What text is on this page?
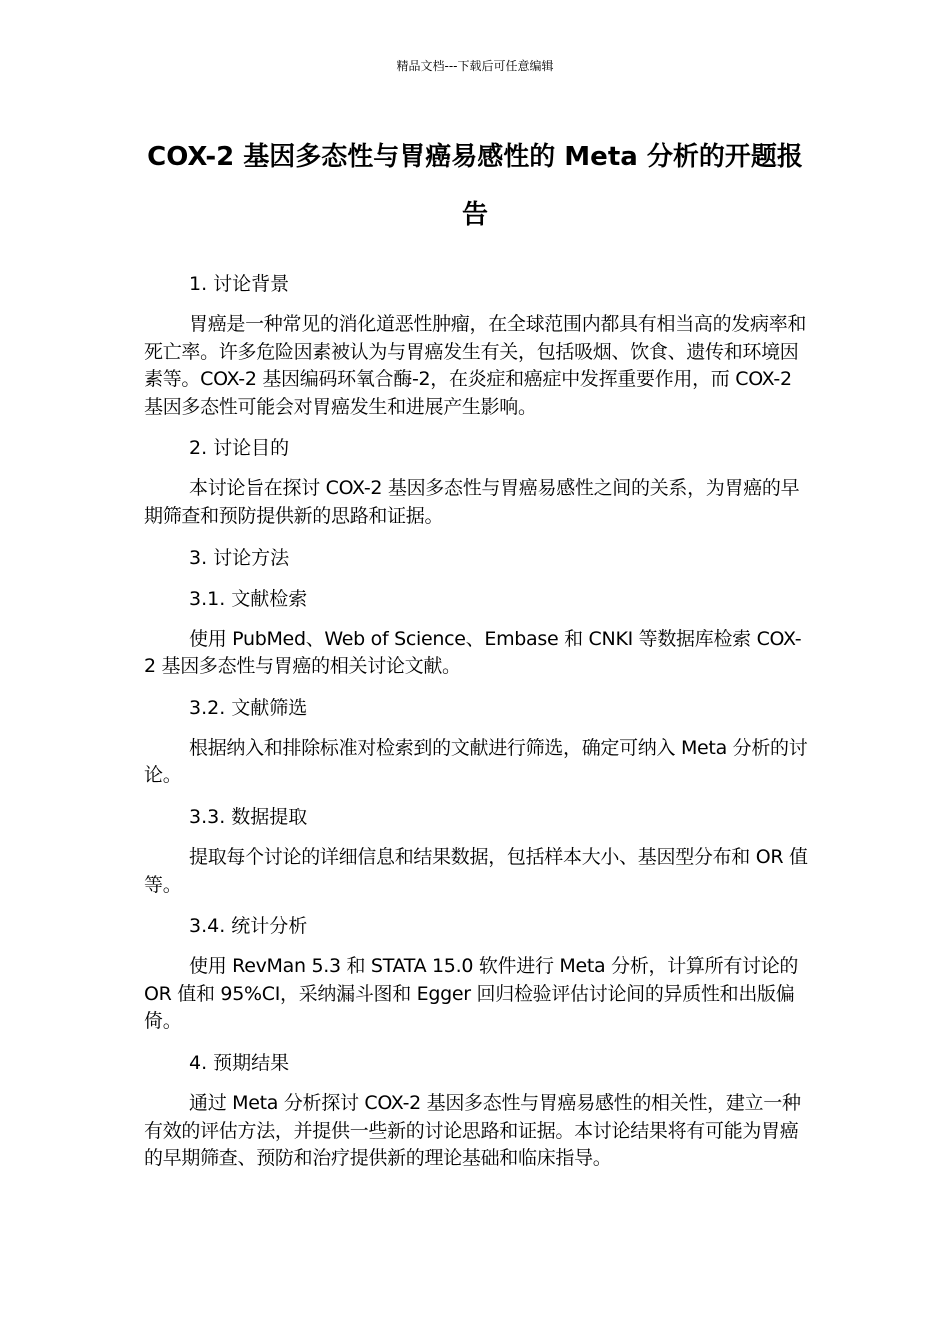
精品文档---下载后可任意编辑
COX-2 基因多态性与胃癌易感性的 Meta 分析的开题报告

1. 讨论背景

胃癌是一种常见的消化道恶性肿瘤，在全球范围内都具有相当高的发病率和死亡率。许多危险因素被认为与胃癌发生有关，包括吸烟、饮食、遗传和环境因素等。COX-2 基因编码环氧合酶-2，在炎症和癌症中发挥重要作用，而 COX-2 基因多态性可能会对胃癌发生和进展产生影响。

2. 讨论目的

本讨论旨在探讨 COX-2 基因多态性与胃癌易感性之间的关系，为胃癌的早期筛查和预防提供新的思路和证据。

3. 讨论方法

3.1. 文献检索

使用 PubMed、Web of Science、Embase 和 CNKI 等数据库检索 COX-2 基因多态性与胃癌的相关讨论文献。

3.2. 文献筛选

根据纳入和排除标准对检索到的文献进行筛选，确定可纳入 Meta 分析的讨论。

3.3. 数据提取

提取每个讨论的详细信息和结果数据，包括样本大小、基因型分布和 OR 值等。

3.4. 统计分析

使用 RevMan 5.3 和 STATA 15.0 软件进行 Meta 分析，计算所有讨论的 OR 值和 95%CI，采纳漏斗图和 Egger 回归检验评估讨论间的异质性和出版偏倚。

4. 预期结果

通过 Meta 分析探讨 COX-2 基因多态性与胃癌易感性的相关性，建立一种有效的评估方法，并提供一些新的讨论思路和证据。本讨论结果将有可能为胃癌的早期筛查、预防和治疗提供新的理论基础和临床指导。
